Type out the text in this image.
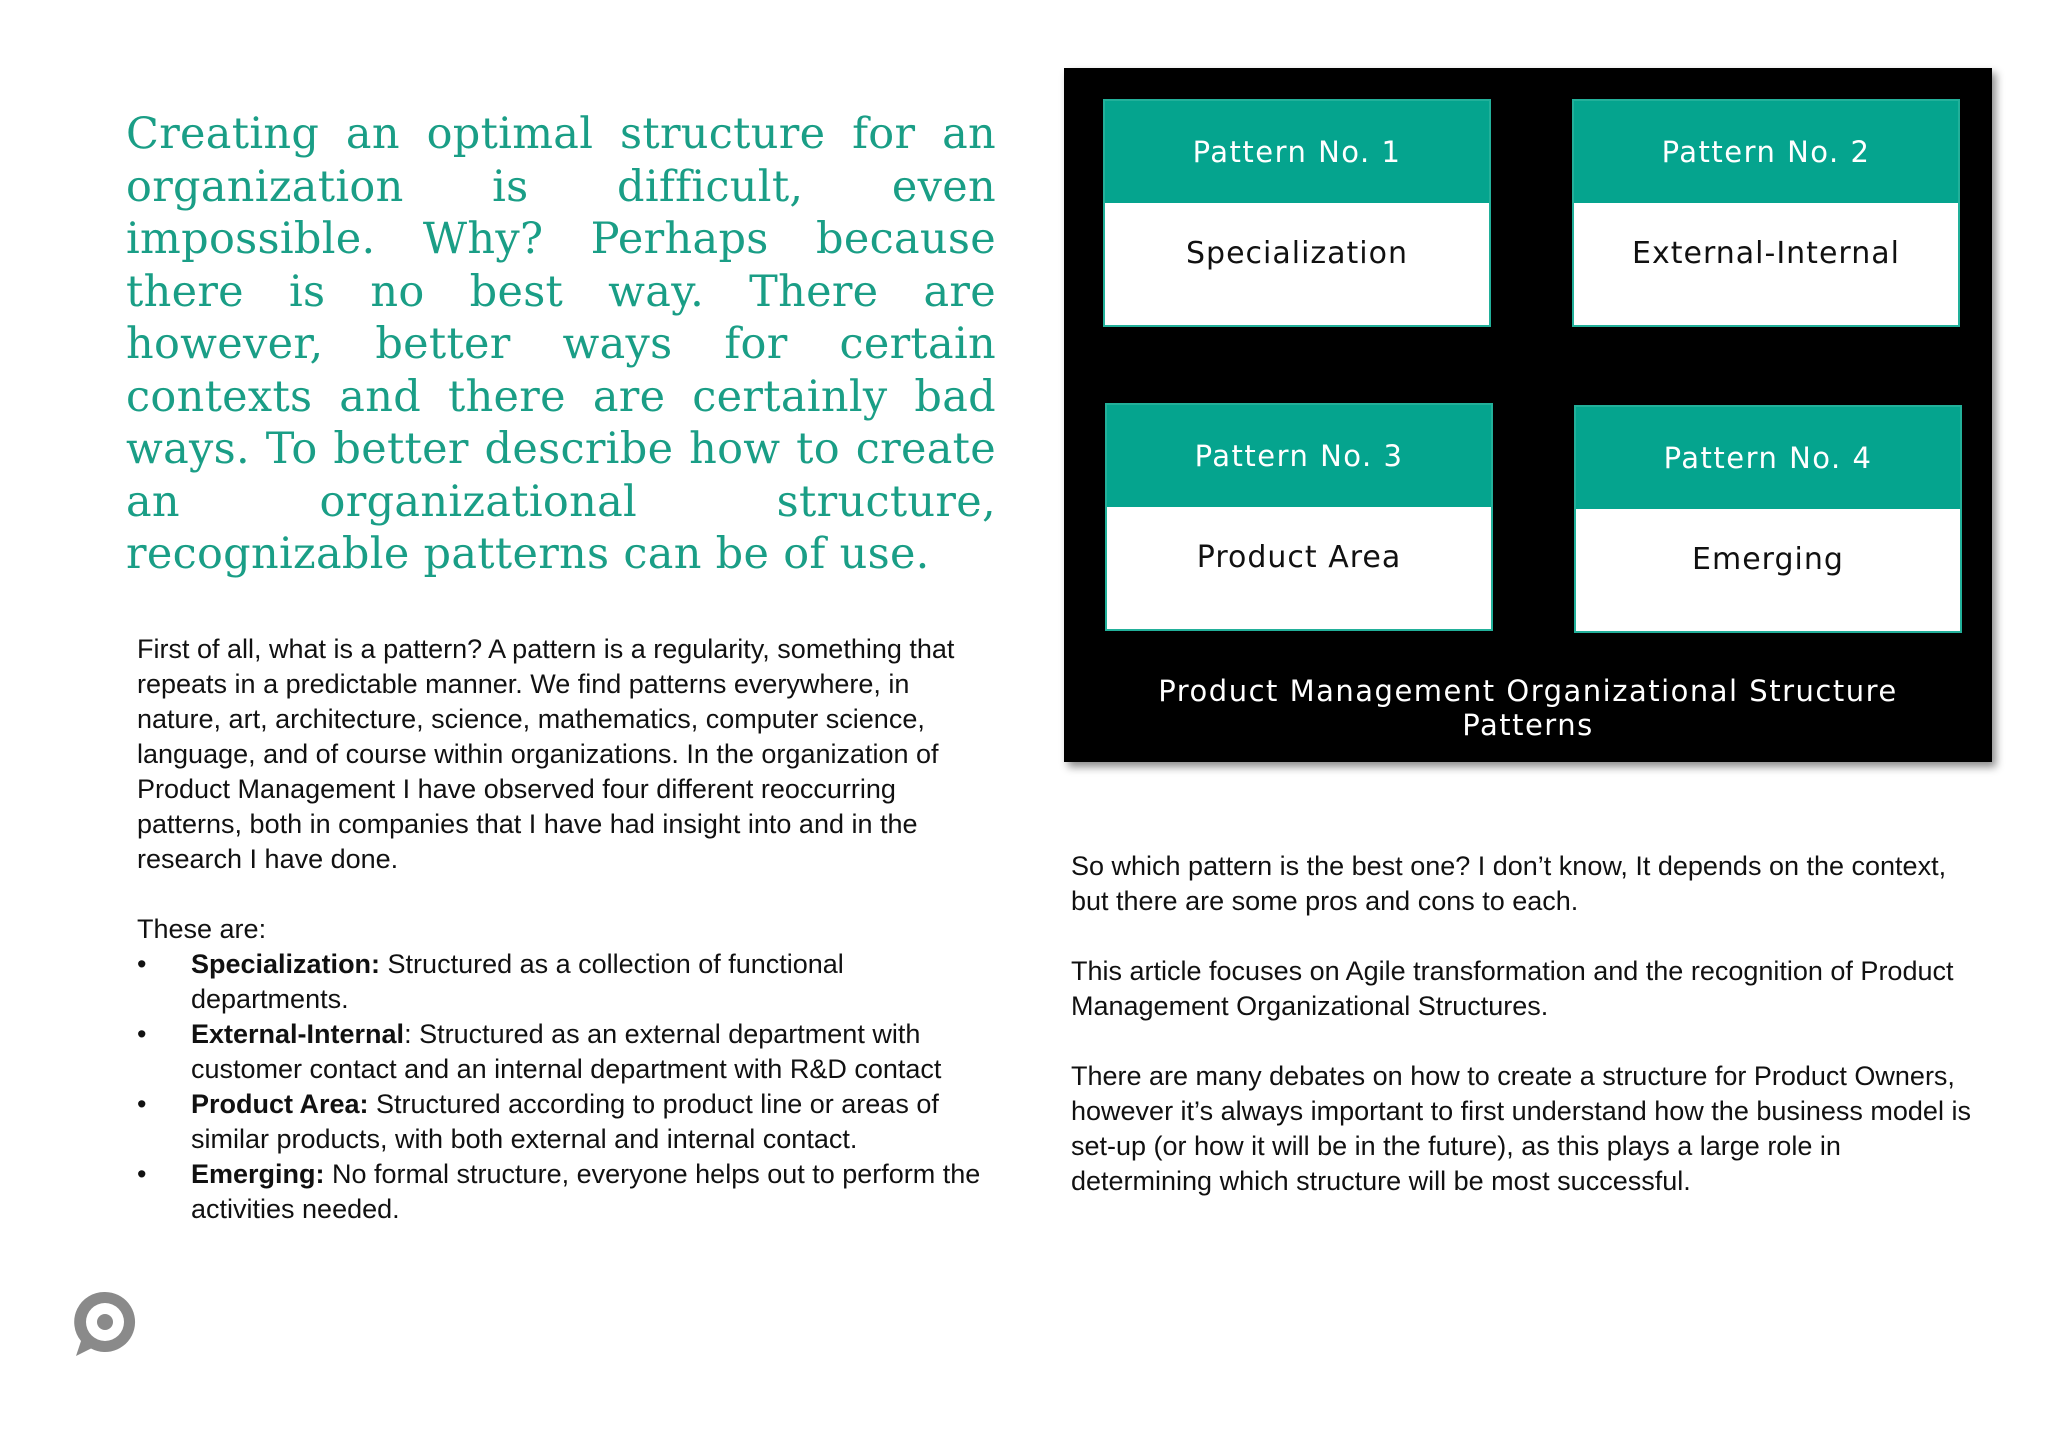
Creating an optimal structure for an organization is difficult, even impossible. Why? Perhaps because there is no best way. There are however, better ways for certain contexts and there are certainly bad ways. To better describe how to create an organizational structure, recognizable patterns can be of use.

First of all, what is a pattern? A pattern is a regularity, something that repeats in a predictable manner. We find patterns everywhere, in nature, art, architecture, science, mathematics, computer science, language, and of course within organizations. In the organization of Product Management I have observed four different reoccurring patterns, both in companies that I have had insight into and in the research I have done.

These are:

• Specialization: Structured as a collection of functional departments.
• External-Internal: Structured as an external department with customer contact and an internal department with R&D contact
• Product Area: Structured according to product line or areas of similar products, with both external and internal contact.
• Emerging: No formal structure, everyone helps out to perform the activities needed.
Pattern No. 1
Specialization
Pattern No. 2
External-Internal
Pattern No. 3
Product Area
Pattern No. 4
Emerging
Product Management Organizational Structure
Patterns

So which pattern is the best one? I don’t know, It depends on the context, but there are some pros and cons to each.

This article focuses on Agile transformation and the recognition of Product Management Organizational Structures.

There are many debates on how to create a structure for Product Owners, however it’s always important to first understand how the business model is set-up (or how it will be in the future), as this plays a large role in determining which structure will be most successful.
